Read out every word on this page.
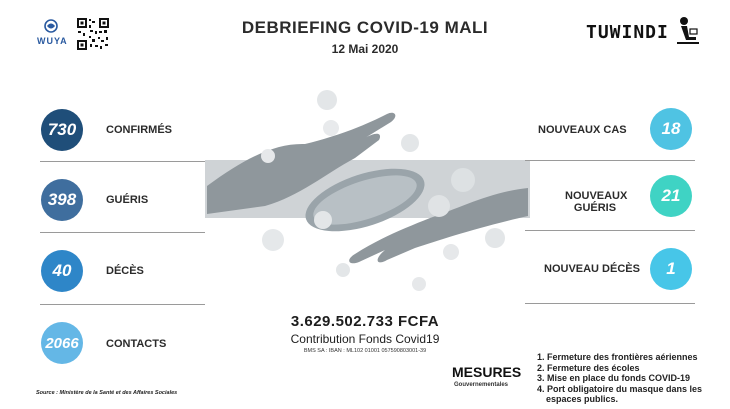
WUYA
DEBRIEFING COVID-19 MALI
12 Mai 2020
TUWINDI
730	CONFIRMÉS
398	GUÉRIS
40	DÉCÈS
2066 CONTACTS
NOUVEAUX CAS 18
NOUVEAUX
GUÉRIS
21
NOUVEAU DÉCÈS 1
3.629.502.733 FCFA
Contribution Fonds Covid19
BMS SA : IBAN : ML102 01001 057590803001-39
Source : Ministère de la Santé et des Affaires Sociales
MESURES
Gouvernementales
1. Fermeture des frontières aériennes
2. Fermeture des écoles
3. Mise en place du fonds COVID-19
4. Port obligatoire du masque dans les
espaces publics.
